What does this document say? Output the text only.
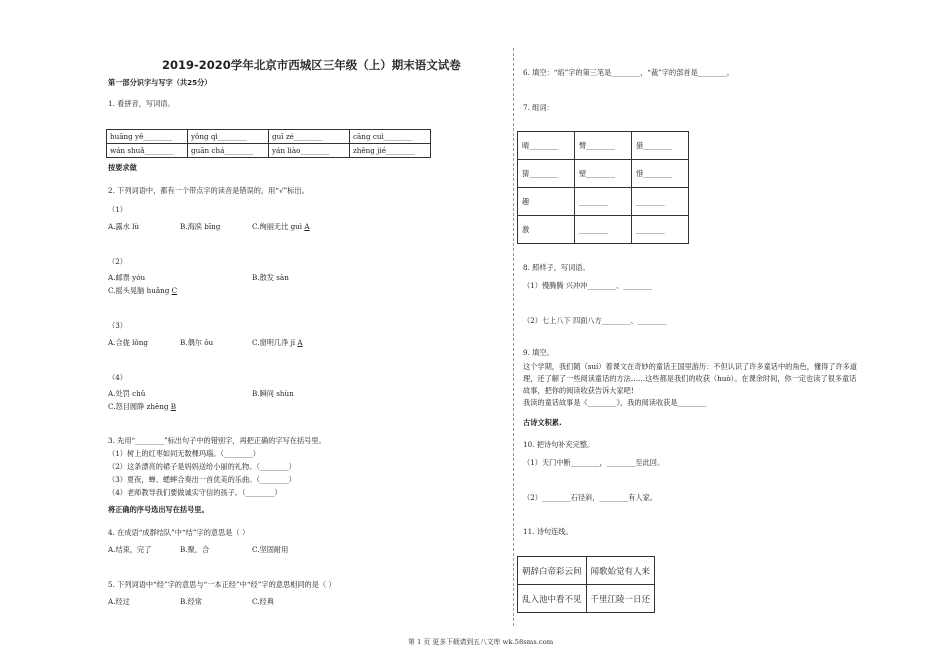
2019-2020学年北京市西城区三年级（上）期末语文试卷
第一部分识字与写字（共25分）
1. 看拼音，写词语。
huāng yě________	yǒng qì________	guī zé________	cāng cuì________
wán shuǎ________	guān chá________	yán liào________	zhēng jié________
按要求做
2. 下列词语中，都有一个带点字的读音是错误的，用“√”标出。
（1）
A.露水 lù	B.海滨 bīng	C.绚丽无比 guì A
（2）
A.邮票 yóu	B.散发 sàn
C.摇头晃脑 huǎng C
（3）
A.合拢 lǒng	B.偶尔 ǒu	C.窗明几净 jī A
（4）
A.处罚 chǔ	B.瞬间 shùn
C.怒目圆睁 zhēng B
3. 先用“________”标出句子中的错别字，再把正确的字写在括号里。
（1）树上的红枣如同无数棵玛瑙。（________）
（2）这条漂亮的裙子是妈妈送给小丽的礼物。（________）
（3）夏夜，蝉、蟋蟀合奏出一首优美的乐曲。（________）
（4）老师教导我们要做诚实守信的孩子。（________）
将正确的序号选出写在括号里。
4. 在成语“成群结队”中“结”字的意思是（ ）
A.结束，完了	B.聚，合	C.坚固耐用
5. 下列词语中“经”字的意思与“一本正经”中“经”字的意思相同的是（ ）
A.经过	B.经常	C.经典
6. 填空：“焰”字的第三笔是________，“裁”字的部首是________。
7. 组词：
晴________	臂________	猎________
猜________	壁________	惜________
趣	________	________
激	________	________
8. 照样子，写词语。
（1）慢腾腾 兴冲冲________、________
（2）七上八下 四面八方________、________
9. 填空。
这个学期，我们随（suí）着课文在奇妙的童话王国里游历：不但认识了许多童话中的角色，懂得了许多道
理，还了解了一些阅读童话的方法……这些都是我们的收获（huò）。在课余时间，你一定也读了很多童话
故事，把你的阅读收获告诉大家吧!
我读的童话故事是《________》，我的阅读收获是________
古诗文积累.
10. 把诗句补充完整。
（1）天门中断________，________至此回。
（2）________石径斜，________有人家。
11. 诗句连线。
朝辞白帝彩云间	闻歌始觉有人来
乱入池中看不见	千里江陵一日还
第 1 页 更多下载请到五八文库 wk.58sms.com
